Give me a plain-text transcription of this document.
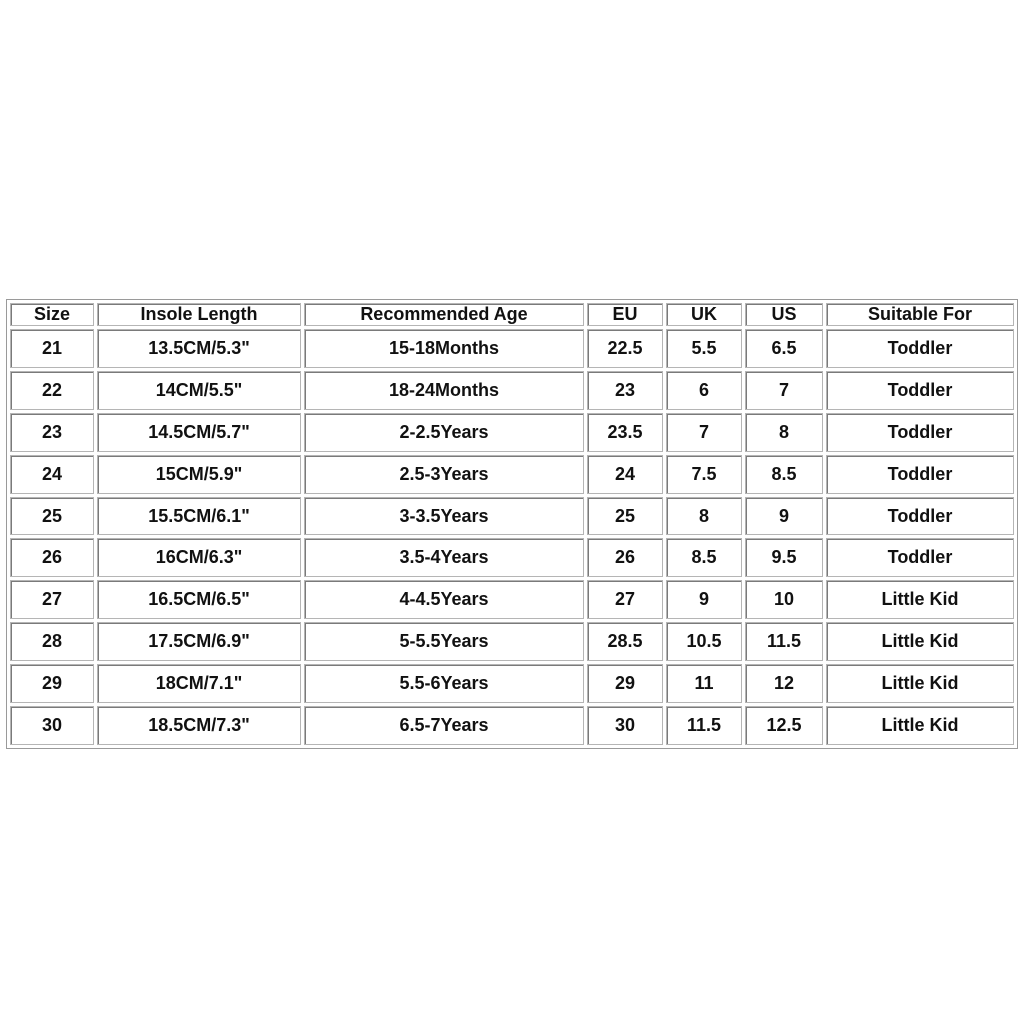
Size	Insole Length	Recommended Age	EU	UK	US	Suitable For
21	13.5CM/5.3"	15-18Months	22.5	5.5	6.5	Toddler
22	14CM/5.5"	18-24Months	23	6	7	Toddler
23	14.5CM/5.7"	2-2.5Years	23.5	7	8	Toddler
24	15CM/5.9"	2.5-3Years	24	7.5	8.5	Toddler
25	15.5CM/6.1"	3-3.5Years	25	8	9	Toddler
26	16CM/6.3"	3.5-4Years	26	8.5	9.5	Toddler
27	16.5CM/6.5"	4-4.5Years	27	9	10	Little Kid
28	17.5CM/6.9"	5-5.5Years	28.5	10.5	11.5	Little Kid
29	18CM/7.1"	5.5-6Years	29	11	12	Little Kid
30	18.5CM/7.3"	6.5-7Years	30	11.5	12.5	Little Kid
